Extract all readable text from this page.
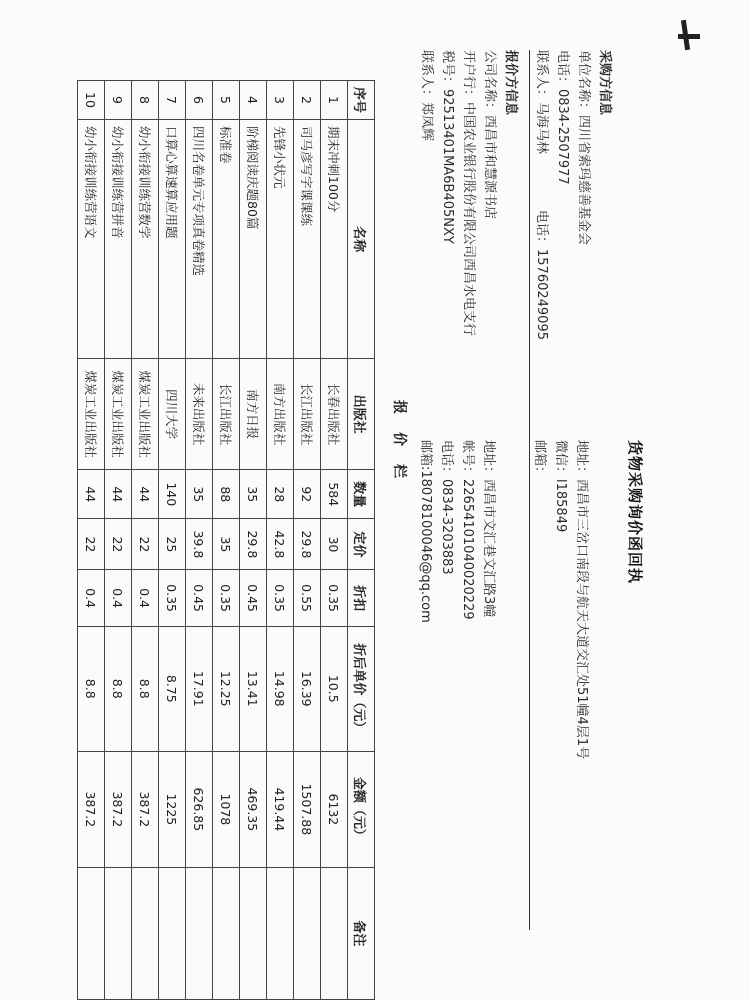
货物采购询价函回执
采购方信息
单位名称：四川省索玛慈善基金会
电话：0834-2507977
联系人：马海马林
电话：15760249095
地址：西昌市三岔口南段与航天大道交汇处51幢4层1号
微信：l185849
邮箱：
报价方信息
公司名称：西昌市和慧源书店
开户行：中国农业银行股份有限公司西昌水电支行
税号：92513401MA6B405NXY
联系人：郑凤辉
地址：西昌市文汇巷文汇路3幢
帐号：22654101040020229
电话：0834-3203883
邮箱:18078100046@qq.com
报价栏
序号	名称	出版社	数量	定价	折扣	折后单价（元）	金额（元）	备注
1	期末冲刺100分	长春出版社	584	30	0.35	10.5	6132	
2	司马彦写字课课练	长江出版社	92	29.8	0.55	16.39	1507.88	
3	先锋小状元	南方出版社	28	42.8	0.35	14.98	419.44	
4	阶梯阅读庆题80篇	南方日报	35	29.8	0.45	13.41	469.35	
5	标准卷	长江出版社	88	35	0.35	12.25	1078	
6	四川名卷单元专项真卷精选	未来出版社	35	39.8	0.45	17.91	626.85	
7	口算心算速算应用题	四川大学	140	25	0.35	8.75	1225	
8	幼小衔接训练营数学	煤炭工业出版社	44	22	0.4	8.8	387.2	
9	幼小衔接训练营拼音	煤炭工业出版社	44	22	0.4	8.8	387.2	
10	幼小衔接训练营语文	煤炭工业出版社	44	22	0.4	8.8	387.2	
